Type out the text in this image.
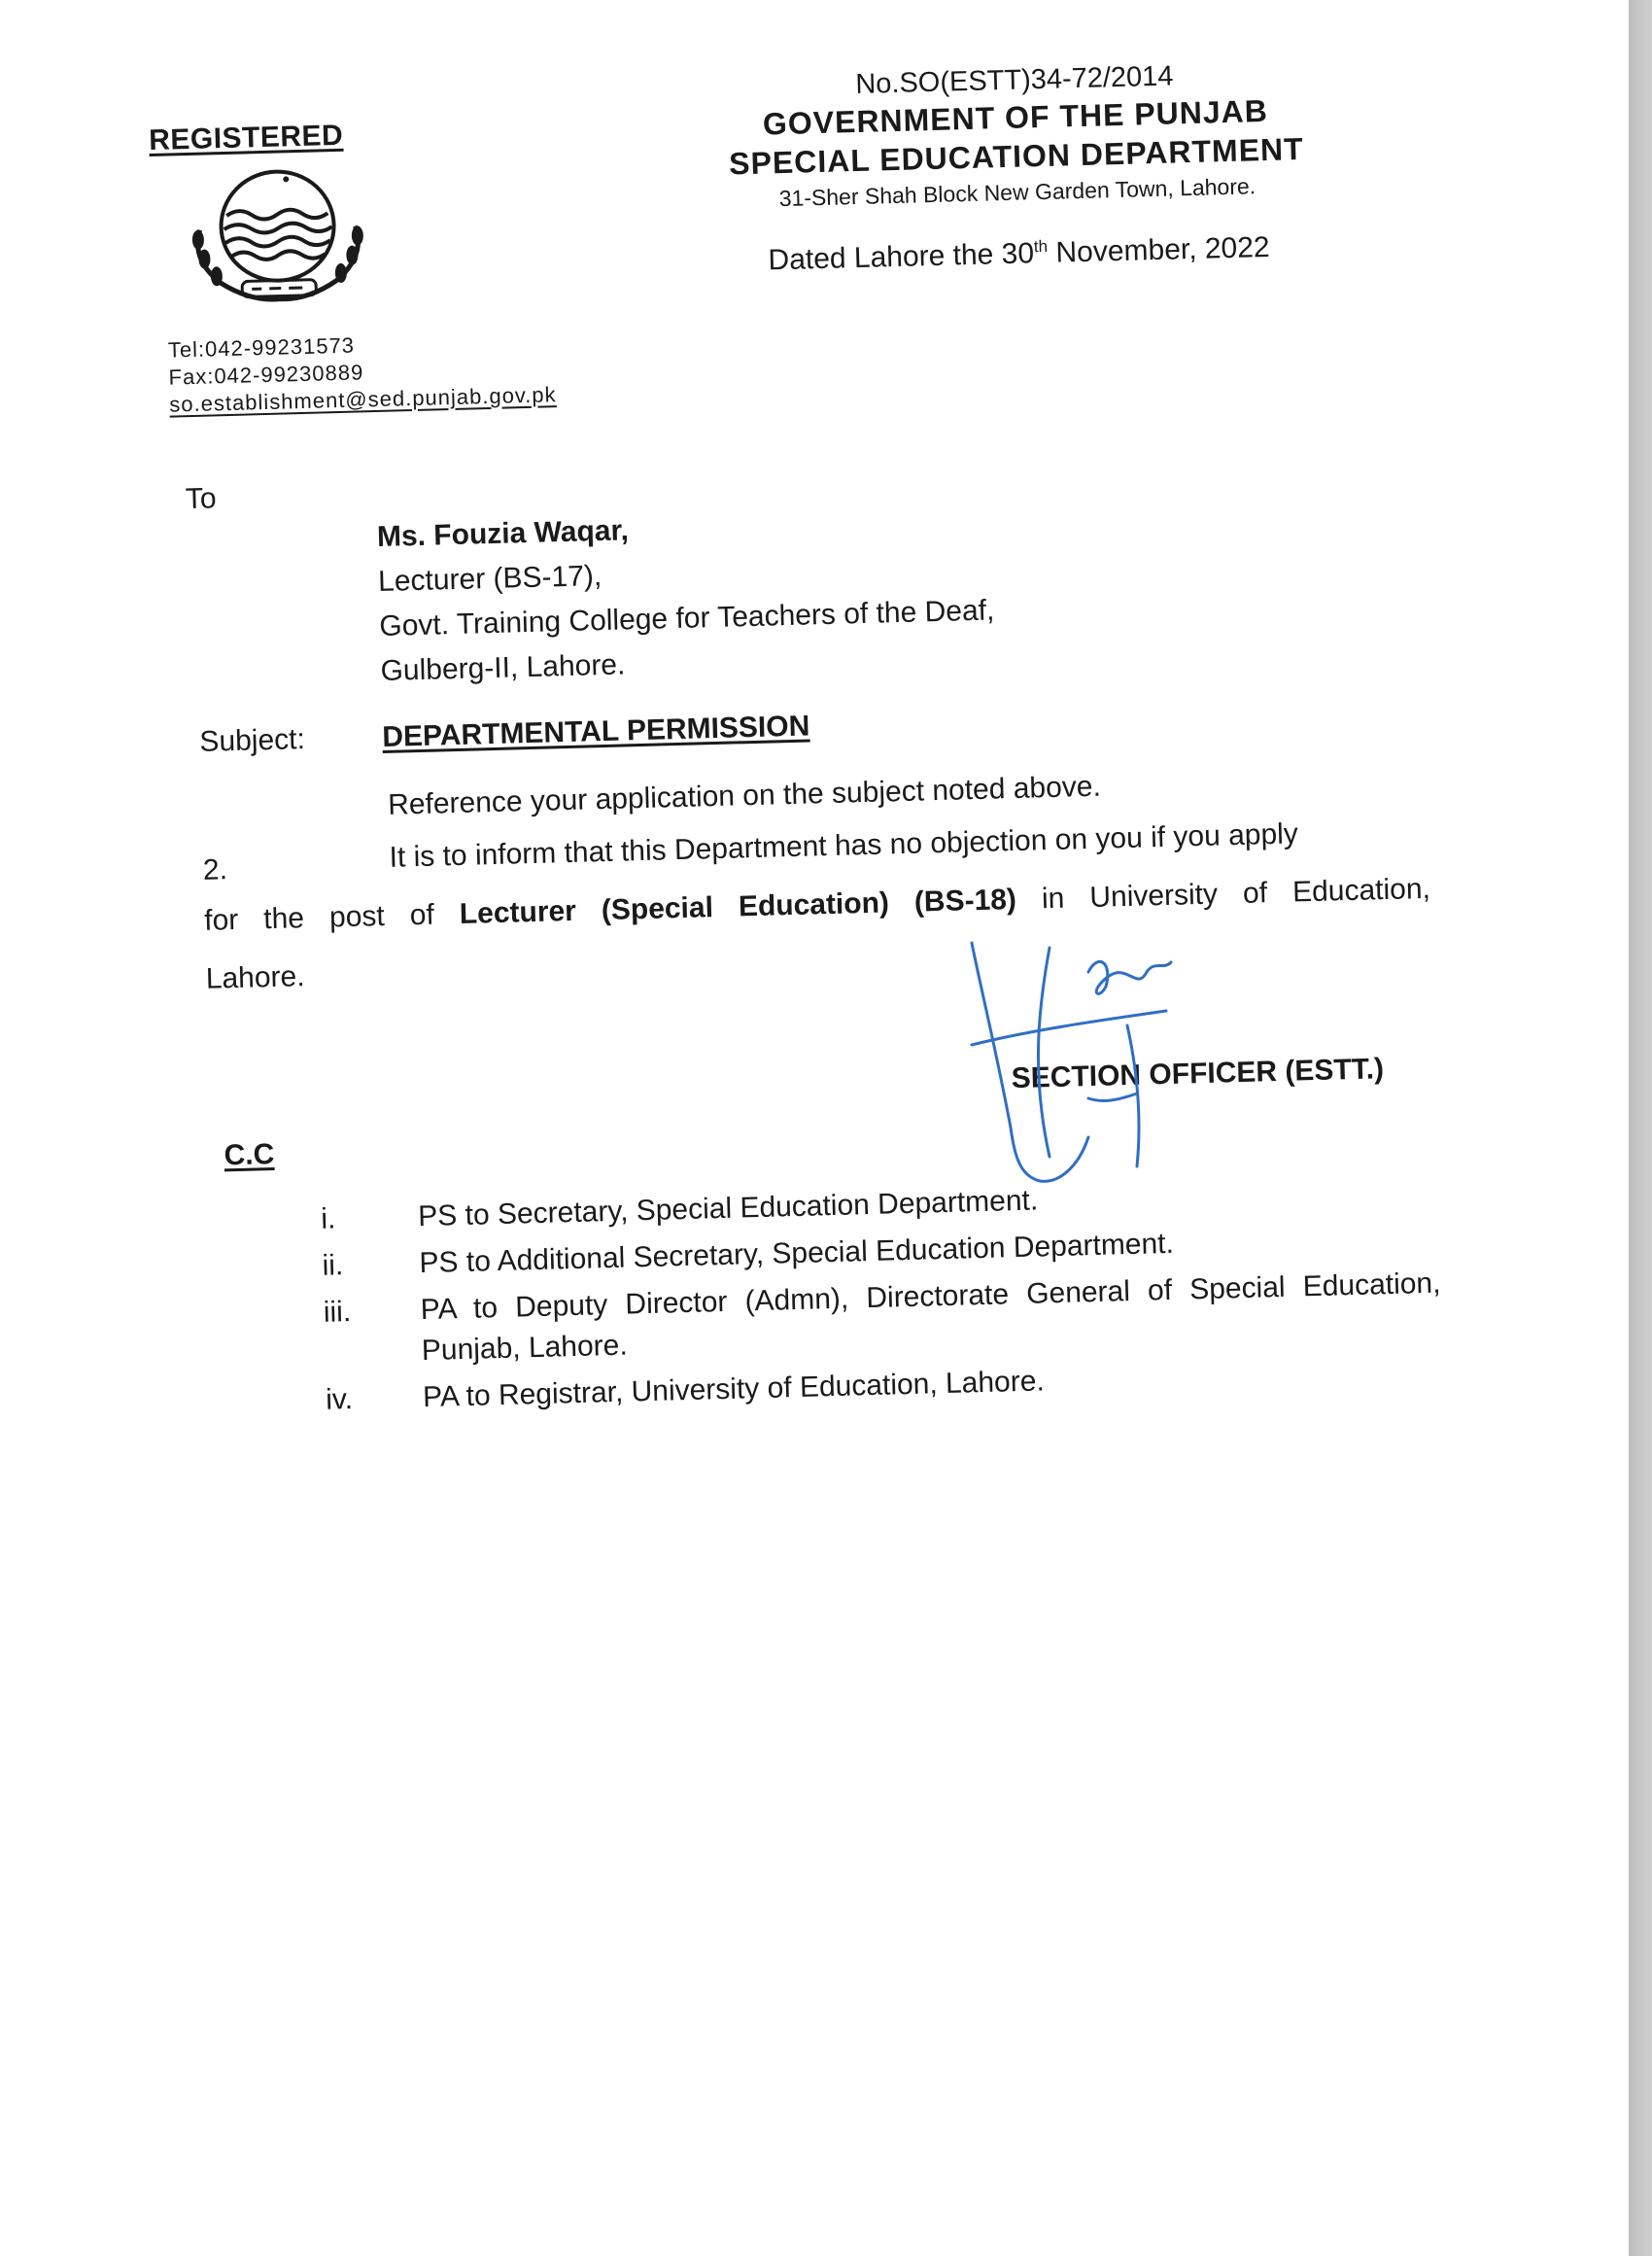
REGISTERED
Tel:042-99231573
Fax:042-99230889
so.establishment@sed.punjab.gov.pk
No.SO(ESTT)34-72/2014
GOVERNMENT OF THE PUNJAB
SPECIAL EDUCATION DEPARTMENT
31-Sher Shah Block New Garden Town, Lahore.
Dated Lahore the 30th November, 2022
To
Ms. Fouzia Waqar,
Lecturer (BS-17),
Govt. Training College for Teachers of the Deaf,
Gulberg-II, Lahore.
Subject:	DEPARTMENTAL PERMISSION
Reference your application on the subject noted above.
2.	It is to inform that this Department has no objection on you if you apply
for the post of Lecturer (Special Education) (BS-18) in University of Education,
Lahore.
SECTION OFFICER (ESTT.)
C.C
i.	PS to Secretary, Special Education Department.
ii.	PS to Additional Secretary, Special Education Department.
iii.	PA to Deputy Director (Admn), Directorate General of Special Education, Punjab, Lahore.
iv.	PA to Registrar, University of Education, Lahore.
